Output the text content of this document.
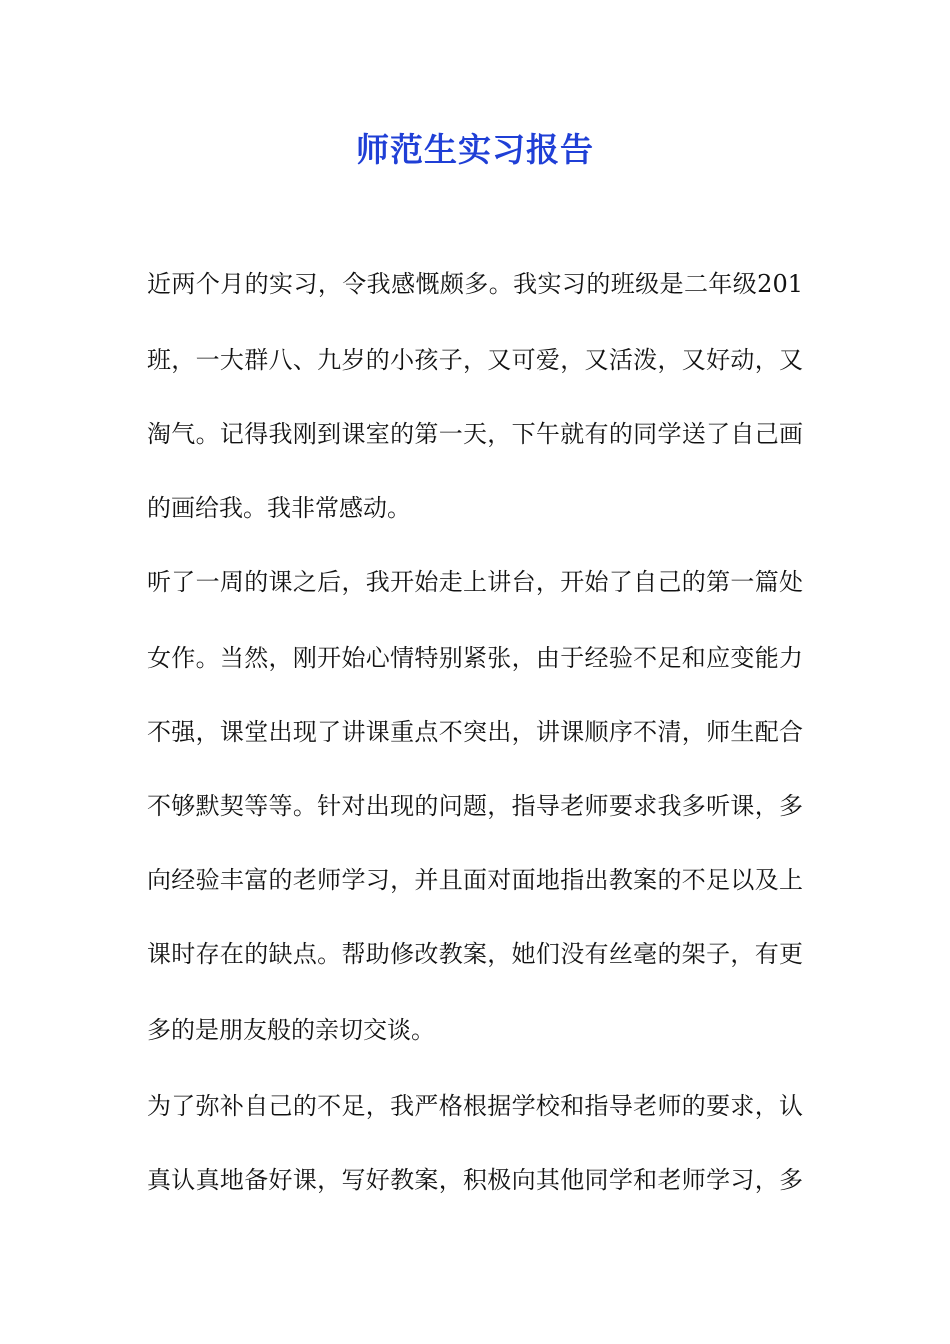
师范生实习报告

近两个月的实习，令我感慨颇多。我实习的班级是二年级201

班，一大群八、九岁的小孩子，又可爱，又活泼，又好动，又

淘气。记得我刚到课室的第一天，下午就有的同学送了自己画

的画给我。我非常感动。

听了一周的课之后，我开始走上讲台，开始了自己的第一篇处

女作。当然，刚开始心情特别紧张，由于经验不足和应变能力

不强，课堂出现了讲课重点不突出，讲课顺序不清，师生配合

不够默契等等。针对出现的问题，指导老师要求我多听课，多

向经验丰富的老师学习，并且面对面地指出教案的不足以及上

课时存在的缺点。帮助修改教案，她们没有丝毫的架子，有更

多的是朋友般的亲切交谈。

为了弥补自己的不足，我严格根据学校和指导老师的要求，认

真认真地备好课，写好教案，积极向其他同学和老师学习，多
